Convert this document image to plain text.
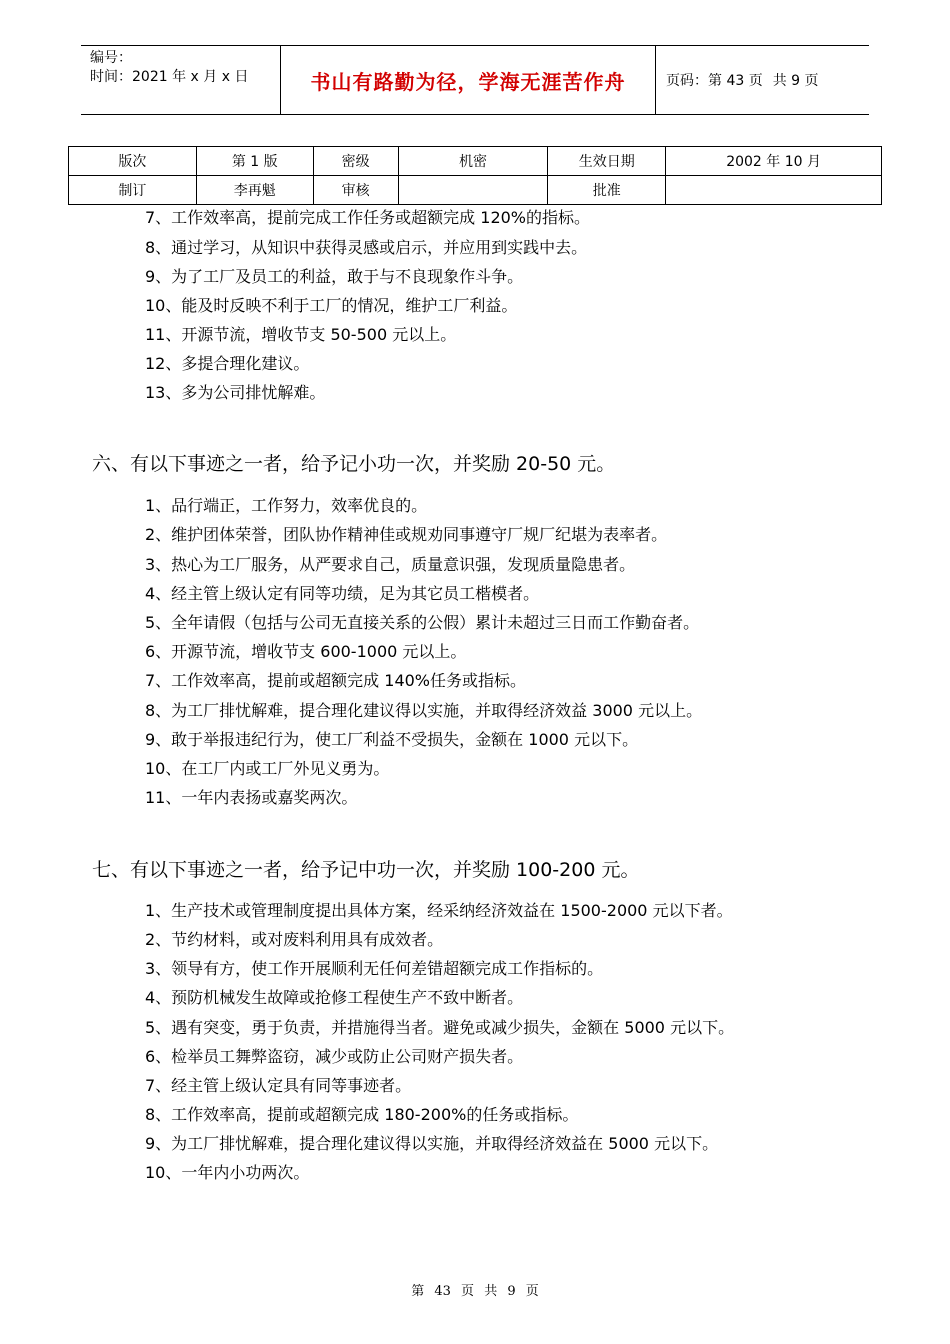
编号：
时间：2021 年 x 月 x 日	书山有路勤为径，学海无涯苦作舟	页码：第 43 页 共 9 页
版次	第 1 版	密级	机密	生效日期	2002 年 10 月
制订	李再魁	审核		批准	
7、工作效率高，提前完成工作任务或超额完成 120%的指标。
8、通过学习，从知识中获得灵感或启示，并应用到实践中去。
9、为了工厂及员工的利益，敢于与不良现象作斗争。
10、能及时反映不利于工厂的情况，维护工厂利益。
11、开源节流，增收节支 50-500 元以上。
12、多提合理化建议。
13、多为公司排忧解难。
六、有以下事迹之一者，给予记小功一次，并奖励 20-50 元。
1、品行端正，工作努力，效率优良的。
2、维护团体荣誉，团队协作精神佳或规劝同事遵守厂规厂纪堪为表率者。
3、热心为工厂服务，从严要求自己，质量意识强，发现质量隐患者。
4、经主管上级认定有同等功绩，足为其它员工楷模者。
5、全年请假（包括与公司无直接关系的公假）累计未超过三日而工作勤奋者。
6、开源节流，增收节支 600-1000 元以上。
7、工作效率高，提前或超额完成 140%任务或指标。
8、为工厂排忧解难，提合理化建议得以实施，并取得经济效益 3000 元以上。
9、敢于举报违纪行为，使工厂利益不受损失，金额在 1000 元以下。
10、在工厂内或工厂外见义勇为。
11、一年内表扬或嘉奖两次。
七、有以下事迹之一者，给予记中功一次，并奖励 100-200 元。
1、生产技术或管理制度提出具体方案，经采纳经济效益在 1500-2000 元以下者。
2、节约材料，或对废料利用具有成效者。
3、领导有方，使工作开展顺利无任何差错超额完成工作指标的。
4、预防机械发生故障或抢修工程使生产不致中断者。
5、遇有突变，勇于负责，并措施得当者。避免或减少损失，金额在 5000 元以下。
6、检举员工舞弊盗窃，减少或防止公司财产损失者。
7、经主管上级认定具有同等事迹者。
8、工作效率高，提前或超额完成 180-200%的任务或指标。
9、为工厂排忧解难，提合理化建议得以实施，并取得经济效益在 5000 元以下。
10、一年内小功两次。
第 43 页 共 9 页
